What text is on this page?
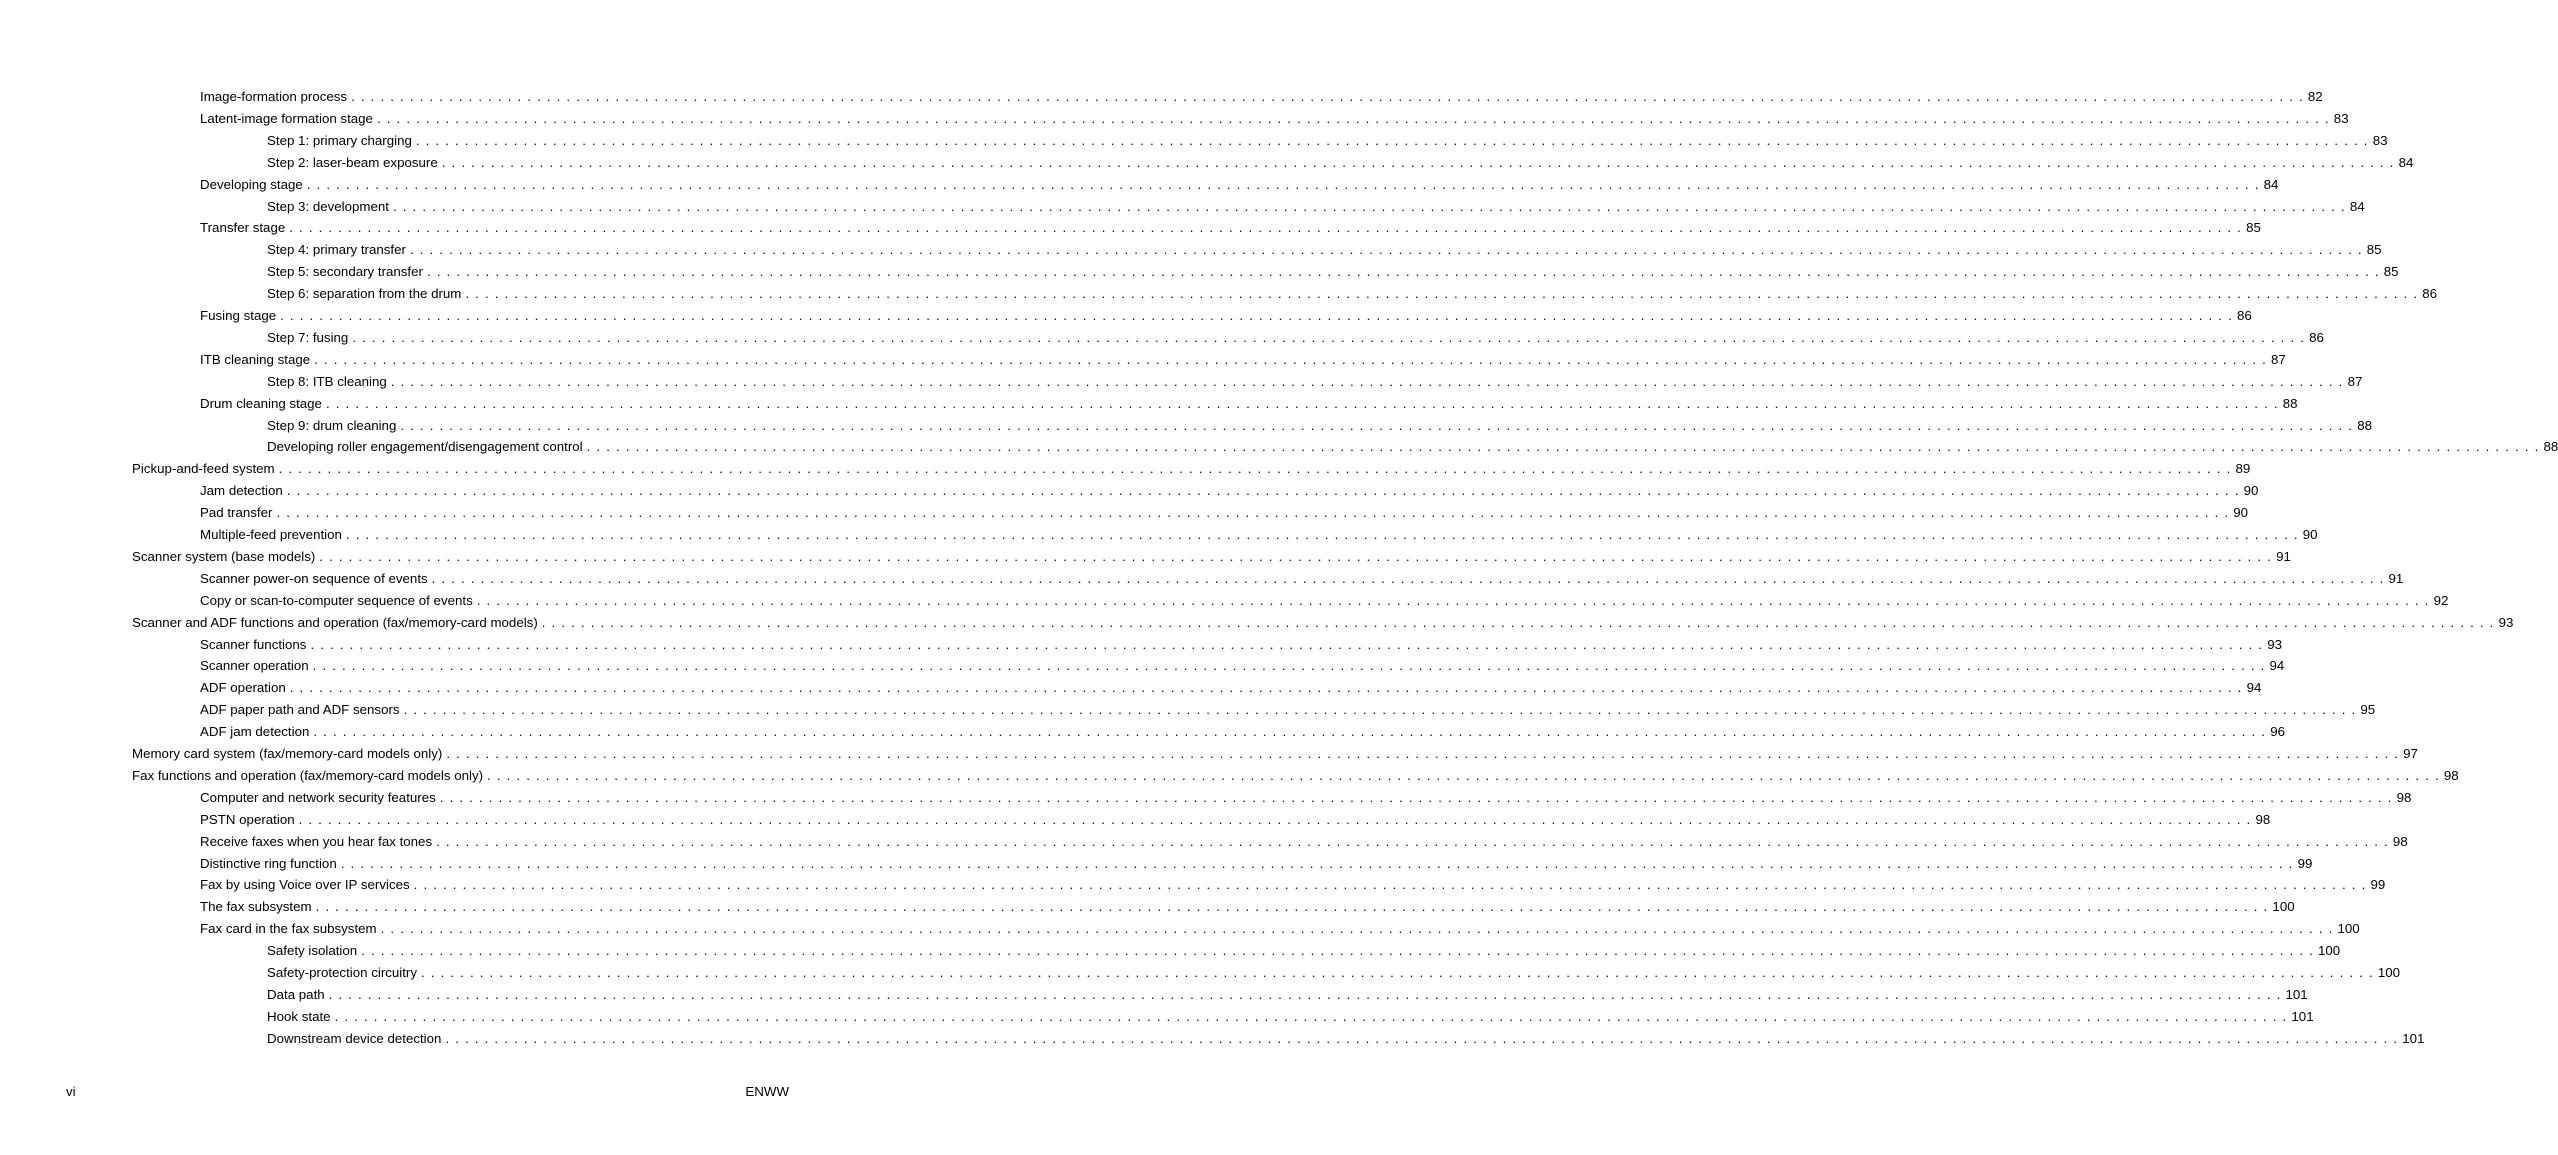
Image-formation process . . . . . . . . . . . . . . . . . . . . . . . . . . . . . . . . . . . . . . . . . . . . . . . . . . . . . . . . . . . . . . . . . . . . . . . . . . . . . . . . . . . . . . . . . . . . . . . . . . . . . . . . . . . . . . . . . . . . . . . . . . . . . . . . . . . . . . . . . . . . . . . . . . . . . . . . . . . . . . . . . . . . . . . . . . . . . . . . . . . . . . . . . . . . . . . . . . . . . . . . 82
Latent-image formation stage . . . . . . . . . . . . . . . . . . . . . . . . . . . . . . . . . . . . . . . . . . . . . . . . . . . . . . . . . . . . . . . . . . . . . . . . . . . . . . . . . . . . . . . . . . . . . . . . . . . . . . . . . . . . . . . . . . . . . . . . . . . . . . . . . . . . . . . . . . . . . . . . . . . . . . . . . . . . . . . . . . . . . . . . . . . . . . . . . . . . . . . . . . . . . . . . . . . . . . . . 83
Step 1: primary charging . . . . . . . . . . . . . . . . . . . . . . . . . . . . . . . . . . . . . . . . . . . . . . . . . . . . . . . . . . . . . . . . . . . . . . . . . . . . . . . . . . . . . . . . . . . . . . . . . . . . . . . . . . . . . . . . . . . . . . . . . . . . . . . . . . . . . . . . . . . . . . . . . . . . . . . . . . . . . . . . . . . . . . . . . . . . . . . . . . . . . . . . . . . . . . . . . . . . . . . . 83
Step 2: laser-beam exposure . . . . . . . . . . . . . . . . . . . . . . . . . . . . . . . . . . . . . . . . . . . . . . . . . . . . . . . . . . . . . . . . . . . . . . . . . . . . . . . . . . . . . . . . . . . . . . . . . . . . . . . . . . . . . . . . . . . . . . . . . . . . . . . . . . . . . . . . . . . . . . . . . . . . . . . . . . . . . . . . . . . . . . . . . . . . . . . . . . . . . . . . . . . . . . . . . . . . . . . . 84
Developing stage . . . . . . . . . . . . . . . . . . . . . . . . . . . . . . . . . . . . . . . . . . . . . . . . . . . . . . . . . . . . . . . . . . . . . . . . . . . . . . . . . . . . . . . . . . . . . . . . . . . . . . . . . . . . . . . . . . . . . . . . . . . . . . . . . . . . . . . . . . . . . . . . . . . . . . . . . . . . . . . . . . . . . . . . . . . . . . . . . . . . . . . . . . . . . . . . . . . . . . . . 84
Step 3: development . . . . . . . . . . . . . . . . . . . . . . . . . . . . . . . . . . . . . . . . . . . . . . . . . . . . . . . . . . . . . . . . . . . . . . . . . . . . . . . . . . . . . . . . . . . . . . . . . . . . . . . . . . . . . . . . . . . . . . . . . . . . . . . . . . . . . . . . . . . . . . . . . . . . . . . . . . . . . . . . . . . . . . . . . . . . . . . . . . . . . . . . . . . . . . . . . . . . . . . . 84
Transfer stage . . . . . . . . . . . . . . . . . . . . . . . . . . . . . . . . . . . . . . . . . . . . . . . . . . . . . . . . . . . . . . . . . . . . . . . . . . . . . . . . . . . . . . . . . . . . . . . . . . . . . . . . . . . . . . . . . . . . . . . . . . . . . . . . . . . . . . . . . . . . . . . . . . . . . . . . . . . . . . . . . . . . . . . . . . . . . . . . . . . . . . . . . . . . . . . . . . . . . . . . 85
Step 4: primary transfer . . . . . . . . . . . . . . . . . . . . . . . . . . . . . . . . . . . . . . . . . . . . . . . . . . . . . . . . . . . . . . . . . . . . . . . . . . . . . . . . . . . . . . . . . . . . . . . . . . . . . . . . . . . . . . . . . . . . . . . . . . . . . . . . . . . . . . . . . . . . . . . . . . . . . . . . . . . . . . . . . . . . . . . . . . . . . . . . . . . . . . . . . . . . . . . . . . . . . . . . 85
Step 5: secondary transfer . . . . . . . . . . . . . . . . . . . . . . . . . . . . . . . . . . . . . . . . . . . . . . . . . . . . . . . . . . . . . . . . . . . . . . . . . . . . . . . . . . . . . . . . . . . . . . . . . . . . . . . . . . . . . . . . . . . . . . . . . . . . . . . . . . . . . . . . . . . . . . . . . . . . . . . . . . . . . . . . . . . . . . . . . . . . . . . . . . . . . . . . . . . . . . . . . . . . . . . . 85
Step 6: separation from the drum . . . . . . . . . . . . . . . . . . . . . . . . . . . . . . . . . . . . . . . . . . . . . . . . . . . . . . . . . . . . . . . . . . . . . . . . . . . . . . . . . . . . . . . . . . . . . . . . . . . . . . . . . . . . . . . . . . . . . . . . . . . . . . . . . . . . . . . . . . . . . . . . . . . . . . . . . . . . . . . . . . . . . . . . . . . . . . . . . . . . . . . . . . . . . . . . . . . . . . . . 86
Fusing stage . . . . . . . . . . . . . . . . . . . . . . . . . . . . . . . . . . . . . . . . . . . . . . . . . . . . . . . . . . . . . . . . . . . . . . . . . . . . . . . . . . . . . . . . . . . . . . . . . . . . . . . . . . . . . . . . . . . . . . . . . . . . . . . . . . . . . . . . . . . . . . . . . . . . . . . . . . . . . . . . . . . . . . . . . . . . . . . . . . . . . . . . . . . . . . . . . . . . . . . . 86
Step 7: fusing . . . . . . . . . . . . . . . . . . . . . . . . . . . . . . . . . . . . . . . . . . . . . . . . . . . . . . . . . . . . . . . . . . . . . . . . . . . . . . . . . . . . . . . . . . . . . . . . . . . . . . . . . . . . . . . . . . . . . . . . . . . . . . . . . . . . . . . . . . . . . . . . . . . . . . . . . . . . . . . . . . . . . . . . . . . . . . . . . . . . . . . . . . . . . . . . . . . . . . . . 86
ITB cleaning stage . . . . . . . . . . . . . . . . . . . . . . . . . . . . . . . . . . . . . . . . . . . . . . . . . . . . . . . . . . . . . . . . . . . . . . . . . . . . . . . . . . . . . . . . . . . . . . . . . . . . . . . . . . . . . . . . . . . . . . . . . . . . . . . . . . . . . . . . . . . . . . . . . . . . . . . . . . . . . . . . . . . . . . . . . . . . . . . . . . . . . . . . . . . . . . . . . . . . . . . . 87
Step 8: ITB cleaning . . . . . . . . . . . . . . . . . . . . . . . . . . . . . . . . . . . . . . . . . . . . . . . . . . . . . . . . . . . . . . . . . . . . . . . . . . . . . . . . . . . . . . . . . . . . . . . . . . . . . . . . . . . . . . . . . . . . . . . . . . . . . . . . . . . . . . . . . . . . . . . . . . . . . . . . . . . . . . . . . . . . . . . . . . . . . . . . . . . . . . . . . . . . . . . . . . . . . . . . 87
Drum cleaning stage . . . . . . . . . . . . . . . . . . . . . . . . . . . . . . . . . . . . . . . . . . . . . . . . . . . . . . . . . . . . . . . . . . . . . . . . . . . . . . . . . . . . . . . . . . . . . . . . . . . . . . . . . . . . . . . . . . . . . . . . . . . . . . . . . . . . . . . . . . . . . . . . . . . . . . . . . . . . . . . . . . . . . . . . . . . . . . . . . . . . . . . . . . . . . . . . . . . . . . . . 88
Step 9: drum cleaning . . . . . . . . . . . . . . . . . . . . . . . . . . . . . . . . . . . . . . . . . . . . . . . . . . . . . . . . . . . . . . . . . . . . . . . . . . . . . . . . . . . . . . . . . . . . . . . . . . . . . . . . . . . . . . . . . . . . . . . . . . . . . . . . . . . . . . . . . . . . . . . . . . . . . . . . . . . . . . . . . . . . . . . . . . . . . . . . . . . . . . . . . . . . . . . . . . . . . . . . 88
Developing roller engagement/disengagement control . . . . . . . . . . . . . . . . . . . . . . . . . . . . . . . . . . . . . . . . . . . . . . . . . . . . . . . . . . . . . . . . . . . . . . . . . . . . . . . . . . . . . . . . . . . . . . . . . . . . . . . . . . . . . . . . . . . . . . . . . . . . . . . . . . . . . . . . . . . . . . . . . . . . . . . . . . . . . . . . . . . . . . . . . . . . . . . . . . . . . . . . . . . . . . . . . . . . . . . . 88
Pickup-and-feed system . . . . . . . . . . . . . . . . . . . . . . . . . . . . . . . . . . . . . . . . . . . . . . . . . . . . . . . . . . . . . . . . . . . . . . . . . . . . . . . . . . . . . . . . . . . . . . . . . . . . . . . . . . . . . . . . . . . . . . . . . . . . . . . . . . . . . . . . . . . . . . . . . . . . . . . . . . . . . . . . . . . . . . . . . . . . . . . . . . . . . . . . . . . . . . . . . . . . . . . . 89
Jam detection . . . . . . . . . . . . . . . . . . . . . . . . . . . . . . . . . . . . . . . . . . . . . . . . . . . . . . . . . . . . . . . . . . . . . . . . . . . . . . . . . . . . . . . . . . . . . . . . . . . . . . . . . . . . . . . . . . . . . . . . . . . . . . . . . . . . . . . . . . . . . . . . . . . . . . . . . . . . . . . . . . . . . . . . . . . . . . . . . . . . . . . . . . . . . . . . . . . . . . . . 90
Pad transfer . . . . . . . . . . . . . . . . . . . . . . . . . . . . . . . . . . . . . . . . . . . . . . . . . . . . . . . . . . . . . . . . . . . . . . . . . . . . . . . . . . . . . . . . . . . . . . . . . . . . . . . . . . . . . . . . . . . . . . . . . . . . . . . . . . . . . . . . . . . . . . . . . . . . . . . . . . . . . . . . . . . . . . . . . . . . . . . . . . . . . . . . . . . . . . . . . . . . . . . . 90
Multiple-feed prevention . . . . . . . . . . . . . . . . . . . . . . . . . . . . . . . . . . . . . . . . . . . . . . . . . . . . . . . . . . . . . . . . . . . . . . . . . . . . . . . . . . . . . . . . . . . . . . . . . . . . . . . . . . . . . . . . . . . . . . . . . . . . . . . . . . . . . . . . . . . . . . . . . . . . . . . . . . . . . . . . . . . . . . . . . . . . . . . . . . . . . . . . . . . . . . . . . . . . . . . . 90
Scanner system (base models) . . . . . . . . . . . . . . . . . . . . . . . . . . . . . . . . . . . . . . . . . . . . . . . . . . . . . . . . . . . . . . . . . . . . . . . . . . . . . . . . . . . . . . . . . . . . . . . . . . . . . . . . . . . . . . . . . . . . . . . . . . . . . . . . . . . . . . . . . . . . . . . . . . . . . . . . . . . . . . . . . . . . . . . . . . . . . . . . . . . . . . . . . . . . . . . . . . . . . . . . 91
Scanner power-on sequence of events . . . . . . . . . . . . . . . . . . . . . . . . . . . . . . . . . . . . . . . . . . . . . . . . . . . . . . . . . . . . . . . . . . . . . . . . . . . . . . . . . . . . . . . . . . . . . . . . . . . . . . . . . . . . . . . . . . . . . . . . . . . . . . . . . . . . . . . . . . . . . . . . . . . . . . . . . . . . . . . . . . . . . . . . . . . . . . . . . . . . . . . . . . . . . . . . . . . . . . . . 91
Copy or scan-to-computer sequence of events . . . . . . . . . . . . . . . . . . . . . . . . . . . . . . . . . . . . . . . . . . . . . . . . . . . . . . . . . . . . . . . . . . . . . . . . . . . . . . . . . . . . . . . . . . . . . . . . . . . . . . . . . . . . . . . . . . . . . . . . . . . . . . . . . . . . . . . . . . . . . . . . . . . . . . . . . . . . . . . . . . . . . . . . . . . . . . . . . . . . . . . . . . . . . . . . . . . . . . . . 92
Scanner and ADF functions and operation (fax/memory-card models) . . . . . . . . . . . . . . . . . . . . . . . . . . . . . . . . . . . . . . . . . . . . . . . . . . . . . . . . . . . . . . . . . . . . . . . . . . . . . . . . . . . . . . . . . . . . . . . . . . . . . . . . . . . . . . . . . . . . . . . . . . . . . . . . . . . . . . . . . . . . . . . . . . . . . . . . . . . . . . . . . . . . . . . . . . . . . . . . . . . . . . . . . . . . . . . . . . . . . . . . 93
Scanner functions . . . . . . . . . . . . . . . . . . . . . . . . . . . . . . . . . . . . . . . . . . . . . . . . . . . . . . . . . . . . . . . . . . . . . . . . . . . . . . . . . . . . . . . . . . . . . . . . . . . . . . . . . . . . . . . . . . . . . . . . . . . . . . . . . . . . . . . . . . . . . . . . . . . . . . . . . . . . . . . . . . . . . . . . . . . . . . . . . . . . . . . . . . . . . . . . . . . . . . . . 93
Scanner operation . . . . . . . . . . . . . . . . . . . . . . . . . . . . . . . . . . . . . . . . . . . . . . . . . . . . . . . . . . . . . . . . . . . . . . . . . . . . . . . . . . . . . . . . . . . . . . . . . . . . . . . . . . . . . . . . . . . . . . . . . . . . . . . . . . . . . . . . . . . . . . . . . . . . . . . . . . . . . . . . . . . . . . . . . . . . . . . . . . . . . . . . . . . . . . . . . . . . . . . . 94
ADF operation . . . . . . . . . . . . . . . . . . . . . . . . . . . . . . . . . . . . . . . . . . . . . . . . . . . . . . . . . . . . . . . . . . . . . . . . . . . . . . . . . . . . . . . . . . . . . . . . . . . . . . . . . . . . . . . . . . . . . . . . . . . . . . . . . . . . . . . . . . . . . . . . . . . . . . . . . . . . . . . . . . . . . . . . . . . . . . . . . . . . . . . . . . . . . . . . . . . . . . . . 94
ADF paper path and ADF sensors . . . . . . . . . . . . . . . . . . . . . . . . . . . . . . . . . . . . . . . . . . . . . . . . . . . . . . . . . . . . . . . . . . . . . . . . . . . . . . . . . . . . . . . . . . . . . . . . . . . . . . . . . . . . . . . . . . . . . . . . . . . . . . . . . . . . . . . . . . . . . . . . . . . . . . . . . . . . . . . . . . . . . . . . . . . . . . . . . . . . . . . . . . . . . . . . . . . . . . . . 95
ADF jam detection . . . . . . . . . . . . . . . . . . . . . . . . . . . . . . . . . . . . . . . . . . . . . . . . . . . . . . . . . . . . . . . . . . . . . . . . . . . . . . . . . . . . . . . . . . . . . . . . . . . . . . . . . . . . . . . . . . . . . . . . . . . . . . . . . . . . . . . . . . . . . . . . . . . . . . . . . . . . . . . . . . . . . . . . . . . . . . . . . . . . . . . . . . . . . . . . . . . . . . . . 96
Memory card system (fax/memory-card models only) . . . . . . . . . . . . . . . . . . . . . . . . . . . . . . . . . . . . . . . . . . . . . . . . . . . . . . . . . . . . . . . . . . . . . . . . . . . . . . . . . . . . . . . . . . . . . . . . . . . . . . . . . . . . . . . . . . . . . . . . . . . . . . . . . . . . . . . . . . . . . . . . . . . . . . . . . . . . . . . . . . . . . . . . . . . . . . . . . . . . . . . . . . . . . . . . . . . . . . . . 97
Fax functions and operation (fax/memory-card models only) . . . . . . . . . . . . . . . . . . . . . . . . . . . . . . . . . . . . . . . . . . . . . . . . . . . . . . . . . . . . . . . . . . . . . . . . . . . . . . . . . . . . . . . . . . . . . . . . . . . . . . . . . . . . . . . . . . . . . . . . . . . . . . . . . . . . . . . . . . . . . . . . . . . . . . . . . . . . . . . . . . . . . . . . . . . . . . . . . . . . . . . . . . . . . . . . . . . . . . . . 98
Computer and network security features . . . . . . . . . . . . . . . . . . . . . . . . . . . . . . . . . . . . . . . . . . . . . . . . . . . . . . . . . . . . . . . . . . . . . . . . . . . . . . . . . . . . . . . . . . . . . . . . . . . . . . . . . . . . . . . . . . . . . . . . . . . . . . . . . . . . . . . . . . . . . . . . . . . . . . . . . . . . . . . . . . . . . . . . . . . . . . . . . . . . . . . . . . . . . . . . . . . . . . . . 98
PSTN operation . . . . . . . . . . . . . . . . . . . . . . . . . . . . . . . . . . . . . . . . . . . . . . . . . . . . . . . . . . . . . . . . . . . . . . . . . . . . . . . . . . . . . . . . . . . . . . . . . . . . . . . . . . . . . . . . . . . . . . . . . . . . . . . . . . . . . . . . . . . . . . . . . . . . . . . . . . . . . . . . . . . . . . . . . . . . . . . . . . . . . . . . . . . . . . . . . . . . . . . . 98
Receive faxes when you hear fax tones . . . . . . . . . . . . . . . . . . . . . . . . . . . . . . . . . . . . . . . . . . . . . . . . . . . . . . . . . . . . . . . . . . . . . . . . . . . . . . . . . . . . . . . . . . . . . . . . . . . . . . . . . . . . . . . . . . . . . . . . . . . . . . . . . . . . . . . . . . . . . . . . . . . . . . . . . . . . . . . . . . . . . . . . . . . . . . . . . . . . . . . . . . . . . . . . . . . . . . . . 98
Distinctive ring function . . . . . . . . . . . . . . . . . . . . . . . . . . . . . . . . . . . . . . . . . . . . . . . . . . . . . . . . . . . . . . . . . . . . . . . . . . . . . . . . . . . . . . . . . . . . . . . . . . . . . . . . . . . . . . . . . . . . . . . . . . . . . . . . . . . . . . . . . . . . . . . . . . . . . . . . . . . . . . . . . . . . . . . . . . . . . . . . . . . . . . . . . . . . . . . . . . . . . . . . 99
Fax by using Voice over IP services . . . . . . . . . . . . . . . . . . . . . . . . . . . . . . . . . . . . . . . . . . . . . . . . . . . . . . . . . . . . . . . . . . . . . . . . . . . . . . . . . . . . . . . . . . . . . . . . . . . . . . . . . . . . . . . . . . . . . . . . . . . . . . . . . . . . . . . . . . . . . . . . . . . . . . . . . . . . . . . . . . . . . . . . . . . . . . . . . . . . . . . . . . . . . . . . . . . . . . . . 99
The fax subsystem . . . . . . . . . . . . . . . . . . . . . . . . . . . . . . . . . . . . . . . . . . . . . . . . . . . . . . . . . . . . . . . . . . . . . . . . . . . . . . . . . . . . . . . . . . . . . . . . . . . . . . . . . . . . . . . . . . . . . . . . . . . . . . . . . . . . . . . . . . . . . . . . . . . . . . . . . . . . . . . . . . . . . . . . . . . . . . . . . . . . . . . . . . . . . . . . . . . . . . . . 100
Fax card in the fax subsystem . . . . . . . . . . . . . . . . . . . . . . . . . . . . . . . . . . . . . . . . . . . . . . . . . . . . . . . . . . . . . . . . . . . . . . . . . . . . . . . . . . . . . . . . . . . . . . . . . . . . . . . . . . . . . . . . . . . . . . . . . . . . . . . . . . . . . . . . . . . . . . . . . . . . . . . . . . . . . . . . . . . . . . . . . . . . . . . . . . . . . . . . . . . . . . . . . . . . . . . . 100
Safety isolation . . . . . . . . . . . . . . . . . . . . . . . . . . . . . . . . . . . . . . . . . . . . . . . . . . . . . . . . . . . . . . . . . . . . . . . . . . . . . . . . . . . . . . . . . . . . . . . . . . . . . . . . . . . . . . . . . . . . . . . . . . . . . . . . . . . . . . . . . . . . . . . . . . . . . . . . . . . . . . . . . . . . . . . . . . . . . . . . . . . . . . . . . . . . . . . . . . . . . . . . 100
Safety-protection circuitry . . . . . . . . . . . . . . . . . . . . . . . . . . . . . . . . . . . . . . . . . . . . . . . . . . . . . . . . . . . . . . . . . . . . . . . . . . . . . . . . . . . . . . . . . . . . . . . . . . . . . . . . . . . . . . . . . . . . . . . . . . . . . . . . . . . . . . . . . . . . . . . . . . . . . . . . . . . . . . . . . . . . . . . . . . . . . . . . . . . . . . . . . . . . . . . . . . . . . . . . 100
Data path . . . . . . . . . . . . . . . . . . . . . . . . . . . . . . . . . . . . . . . . . . . . . . . . . . . . . . . . . . . . . . . . . . . . . . . . . . . . . . . . . . . . . . . . . . . . . . . . . . . . . . . . . . . . . . . . . . . . . . . . . . . . . . . . . . . . . . . . . . . . . . . . . . . . . . . . . . . . . . . . . . . . . . . . . . . . . . . . . . . . . . . . . . . . . . . . . . . . . . . . 101
Hook state . . . . . . . . . . . . . . . . . . . . . . . . . . . . . . . . . . . . . . . . . . . . . . . . . . . . . . . . . . . . . . . . . . . . . . . . . . . . . . . . . . . . . . . . . . . . . . . . . . . . . . . . . . . . . . . . . . . . . . . . . . . . . . . . . . . . . . . . . . . . . . . . . . . . . . . . . . . . . . . . . . . . . . . . . . . . . . . . . . . . . . . . . . . . . . . . . . . . . . . . 101
Downstream device detection . . . . . . . . . . . . . . . . . . . . . . . . . . . . . . . . . . . . . . . . . . . . . . . . . . . . . . . . . . . . . . . . . . . . . . . . . . . . . . . . . . . . . . . . . . . . . . . . . . . . . . . . . . . . . . . . . . . . . . . . . . . . . . . . . . . . . . . . . . . . . . . . . . . . . . . . . . . . . . . . . . . . . . . . . . . . . . . . . . . . . . . . . . . . . . . . . . . . . . . . 101
vi	ENWW
